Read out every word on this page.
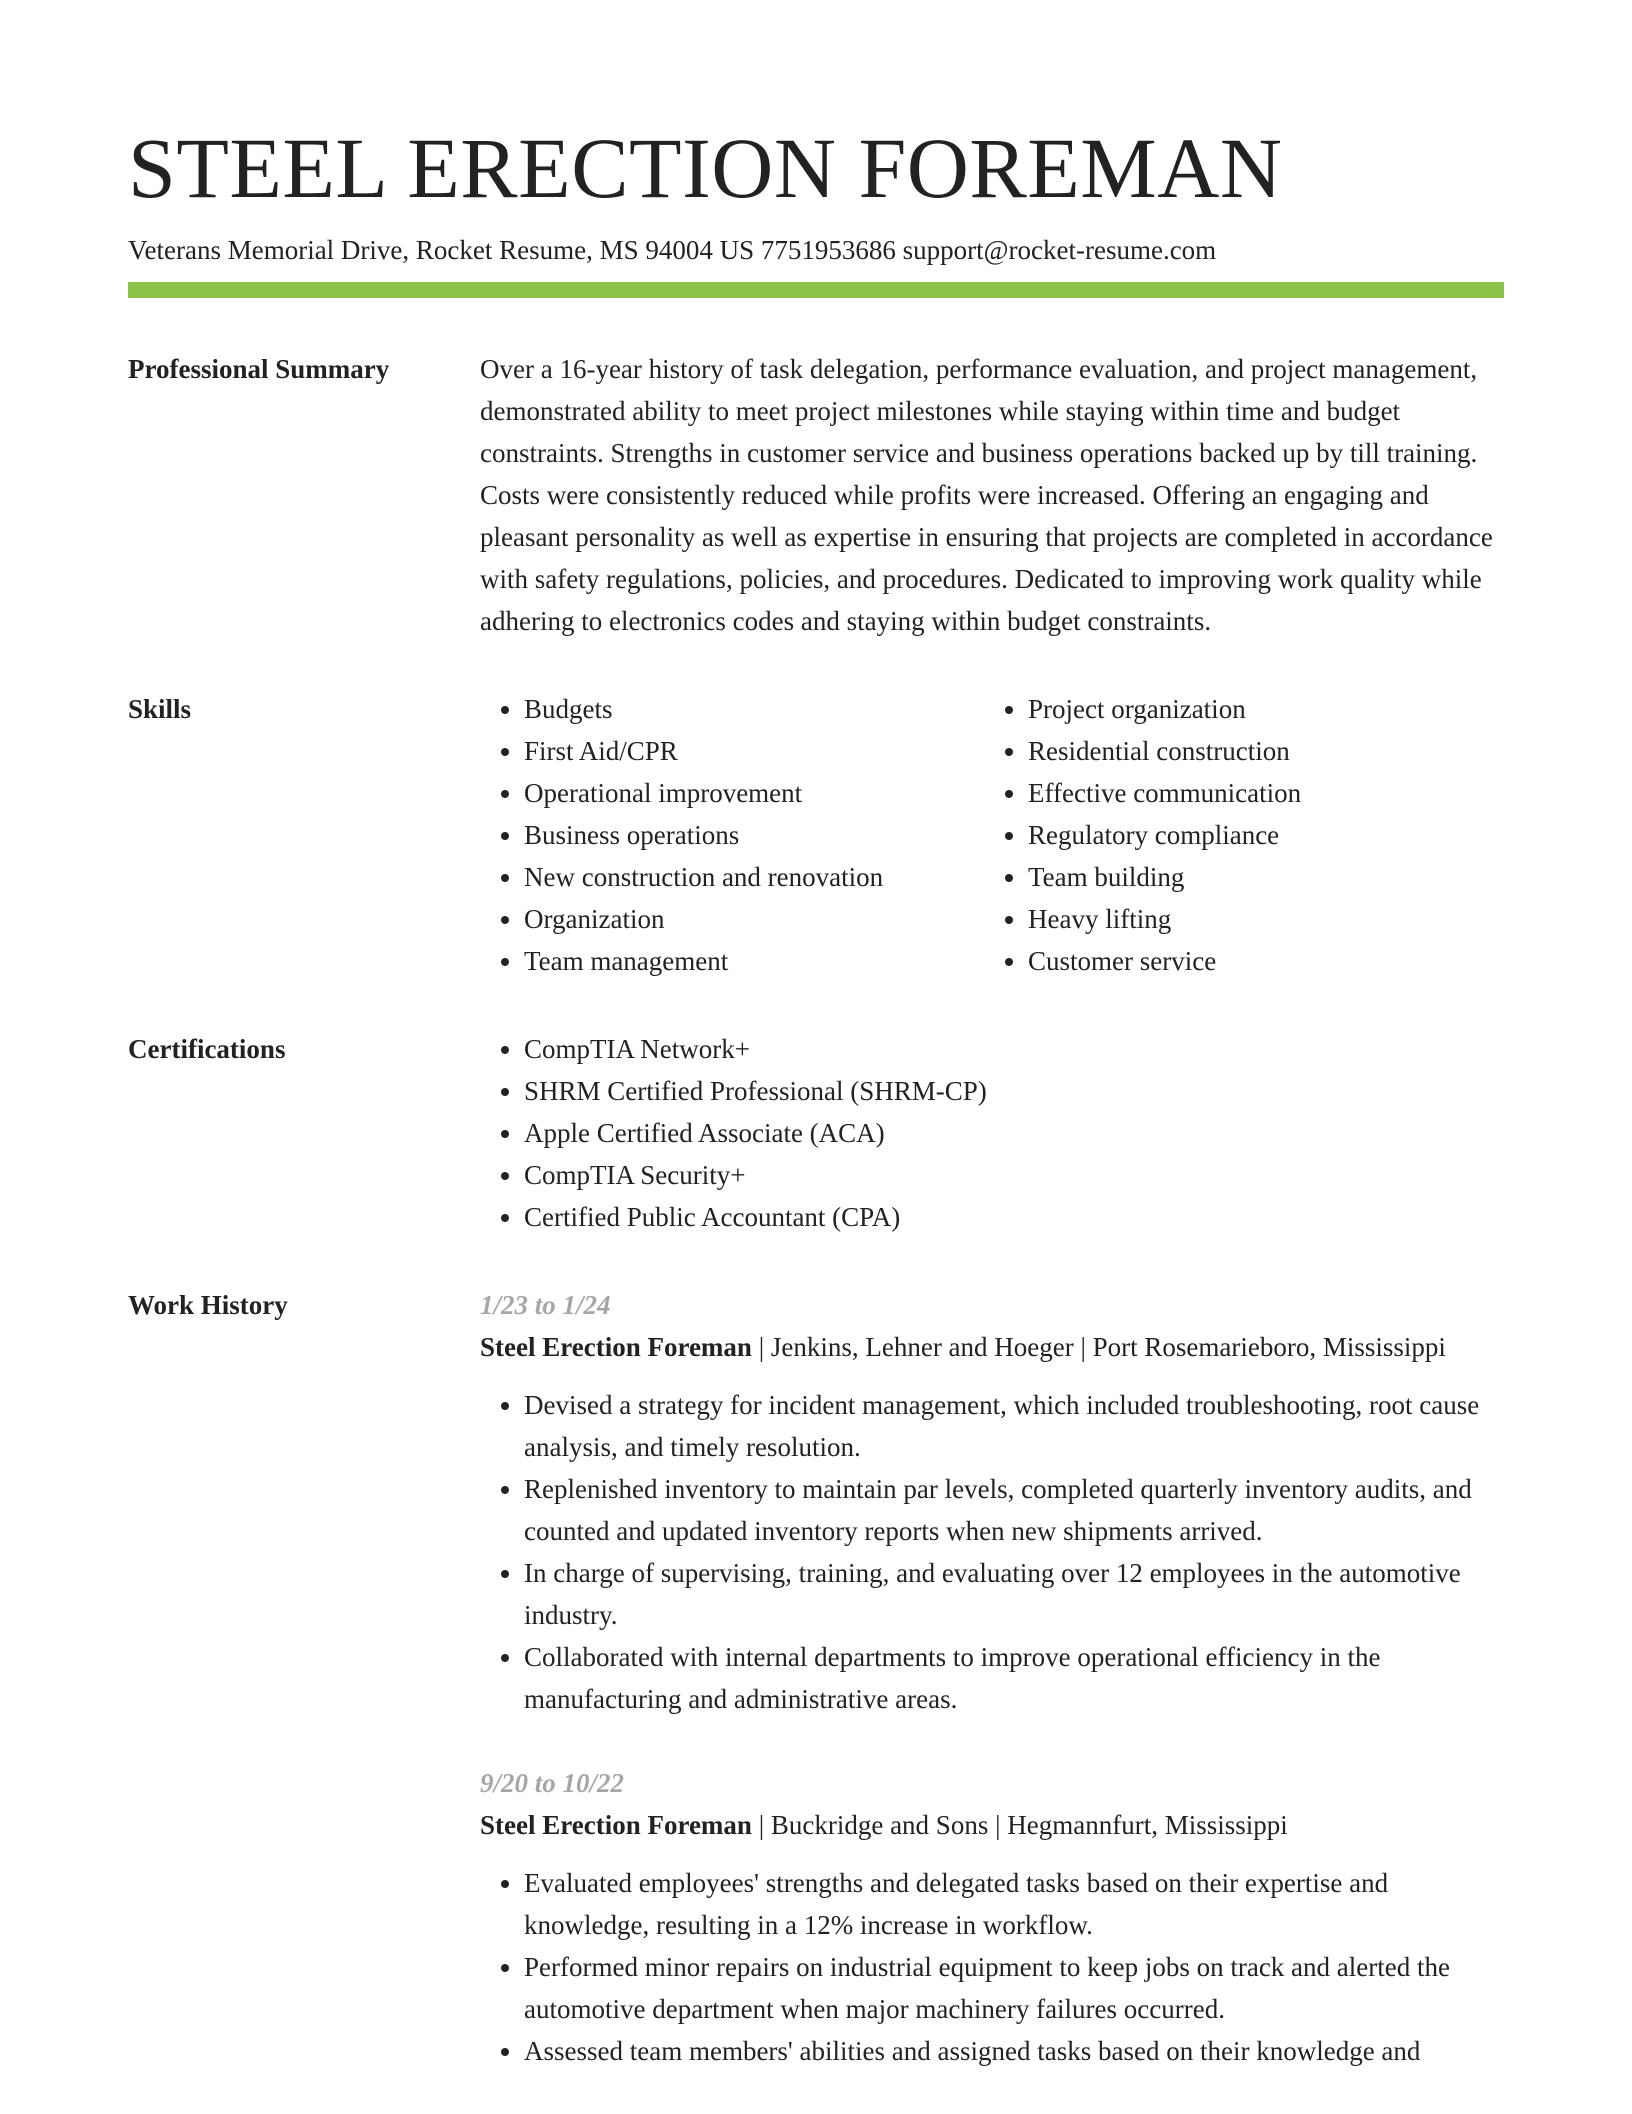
STEEL ERECTION FOREMAN
Veterans Memorial Drive, Rocket Resume, MS 94004 US 7751953686 support@rocket-resume.com
Professional Summary	Over a 16-year history of task delegation, performance evaluation, and project management, demonstrated ability to meet project milestones while staying within time and budget constraints. Strengths in customer service and business operations backed up by till training. Costs were consistently reduced while profits were increased. Offering an engaging and pleasant personality as well as expertise in ensuring that projects are completed in accordance with safety regulations, policies, and procedures. Dedicated to improving work quality while adhering to electronics codes and staying within budget constraints.

Skills	• Budgets
• First Aid/CPR
• Operational improvement
• Business operations
• New construction and renovation
• Organization
• Team management
• Project organization
• Residential construction
• Effective communication
• Regulatory compliance
• Team building
• Heavy lifting
• Customer service
Certifications	• CompTIA Network+
• SHRM Certified Professional (SHRM-CP)
• Apple Certified Associate (ACA)
• CompTIA Security+
• Certified Public Accountant (CPA)
Work History	1/23 to 1/24
Steel Erection Foreman | Jenkins, Lehner and Hoeger | Port Rosemarieboro, Mississippi
• Devised a strategy for incident management, which included troubleshooting, root cause analysis, and timely resolution.
• Replenished inventory to maintain par levels, completed quarterly inventory audits, and counted and updated inventory reports when new shipments arrived.
• In charge of supervising, training, and evaluating over 12 employees in the automotive industry.
• Collaborated with internal departments to improve operational efficiency in the manufacturing and administrative areas.
9/20 to 10/22
Steel Erection Foreman | Buckridge and Sons | Hegmannfurt, Mississippi
• Evaluated employees' strengths and delegated tasks based on their expertise and knowledge, resulting in a 12% increase in workflow.
• Performed minor repairs on industrial equipment to keep jobs on track and alerted the automotive department when major machinery failures occurred.
• Assessed team members' abilities and assigned tasks based on their knowledge and
